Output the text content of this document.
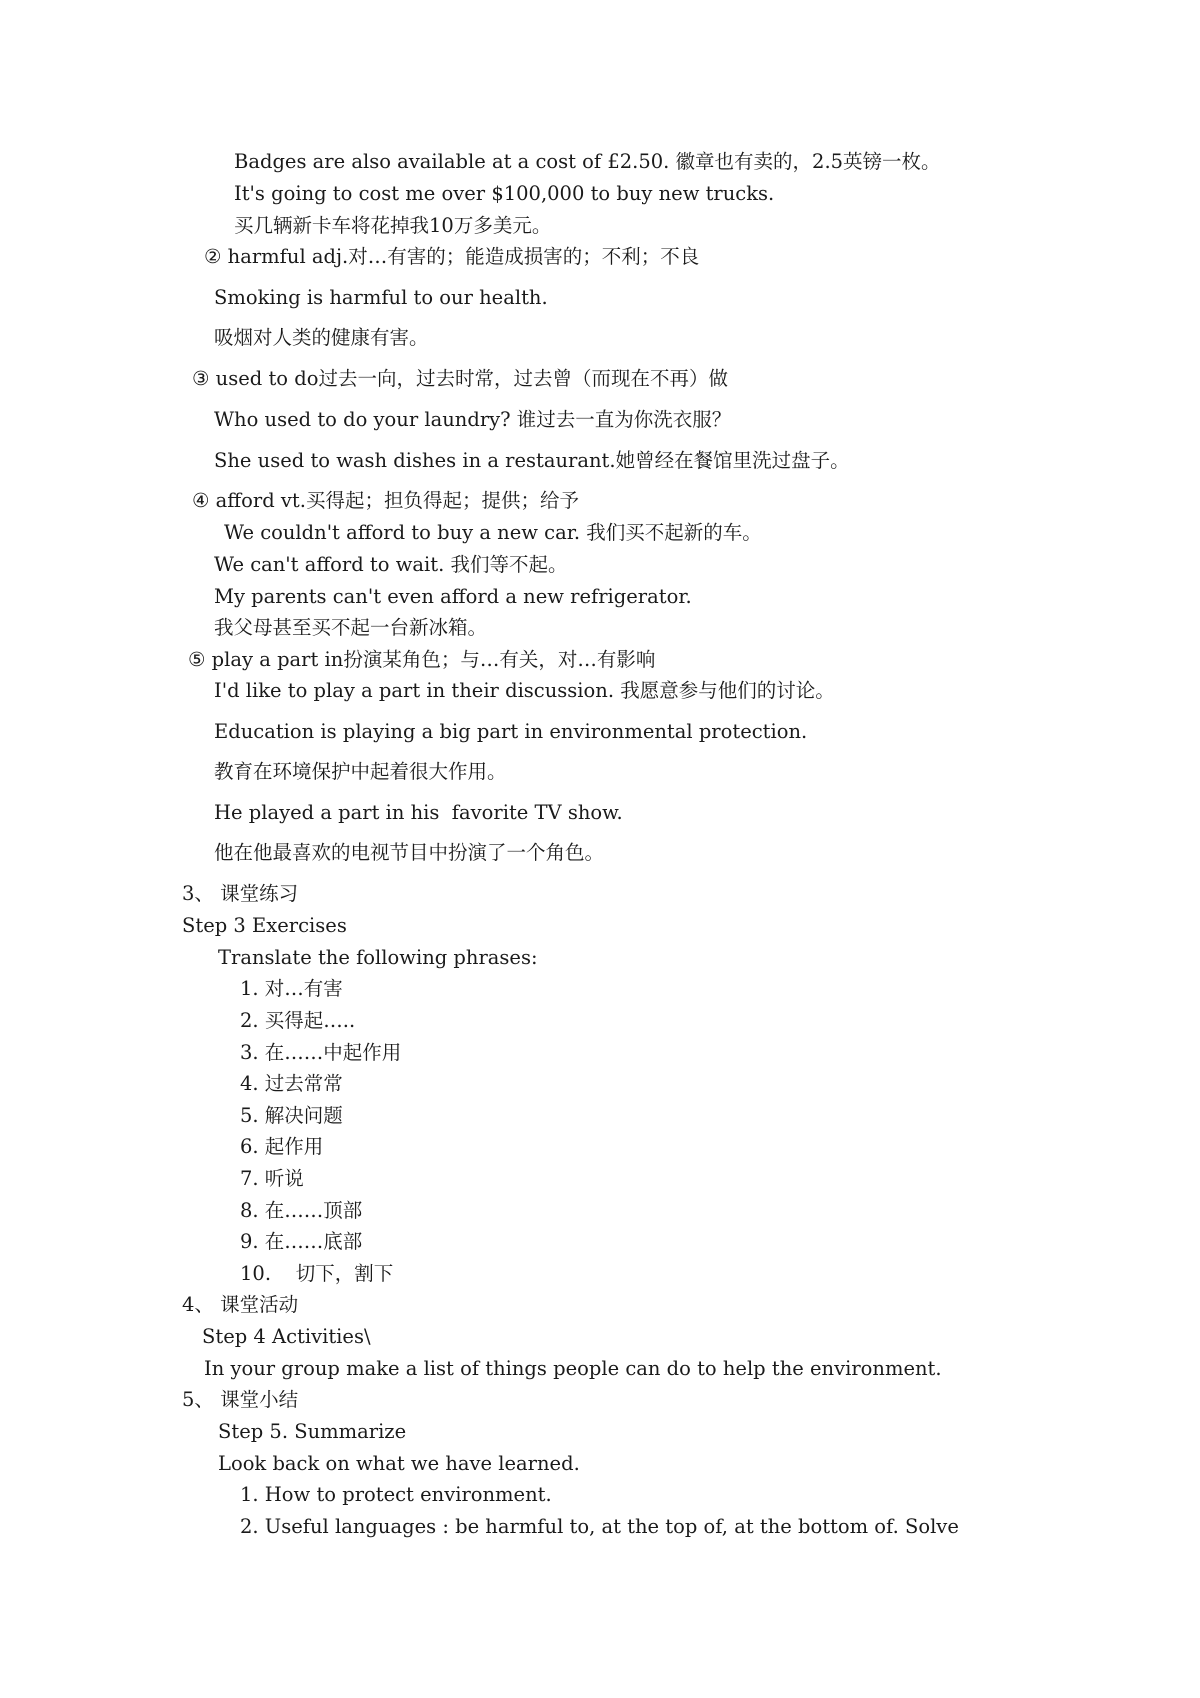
Badges are also available at a cost of £2.50. 徽章也有卖的，2.5英镑一枚。
It's going to cost me over $100,000 to buy new trucks.
买几辆新卡车将花掉我10万多美元。
② harmful adj.对…有害的；能造成损害的；不利；不良
Smoking is harmful to our health.
吸烟对人类的健康有害。
③ used to do过去一向，过去时常，过去曾（而现在不再）做
Who used to do your laundry? 谁过去一直为你洗衣服？
She used to wash dishes in a restaurant.她曾经在餐馆里洗过盘子。
④ afford vt.买得起；担负得起；提供；给予
We couldn't afford to buy a new car. 我们买不起新的车。
We can't afford to wait. 我们等不起。
My parents can't even afford a new refrigerator.
我父母甚至买不起一台新冰箱。
⑤ play a part in扮演某角色；与…有关，对…有影响
I'd like to play a part in their discussion. 我愿意参与他们的讨论。
Education is playing a big part in environmental protection.
教育在环境保护中起着很大作用。
He played a part in his  favorite TV show.
他在他最喜欢的电视节目中扮演了一个角色。
3、 课堂练习
Step 3 Exercises
Translate the following phrases:
1. 对…有害
2. 买得起…..
3. 在……中起作用
4. 过去常常
5. 解决问题
6. 起作用
7. 听说
8. 在……顶部
9. 在……底部
10.    切下，割下
4、 课堂活动
Step 4 Activities\
In your group make a list of things people can do to help the environment.
5、 课堂小结
Step 5. Summarize
Look back on what we have learned.
1. How to protect environment.
2. Useful languages : be harmful to, at the top of, at the bottom of. Solve
